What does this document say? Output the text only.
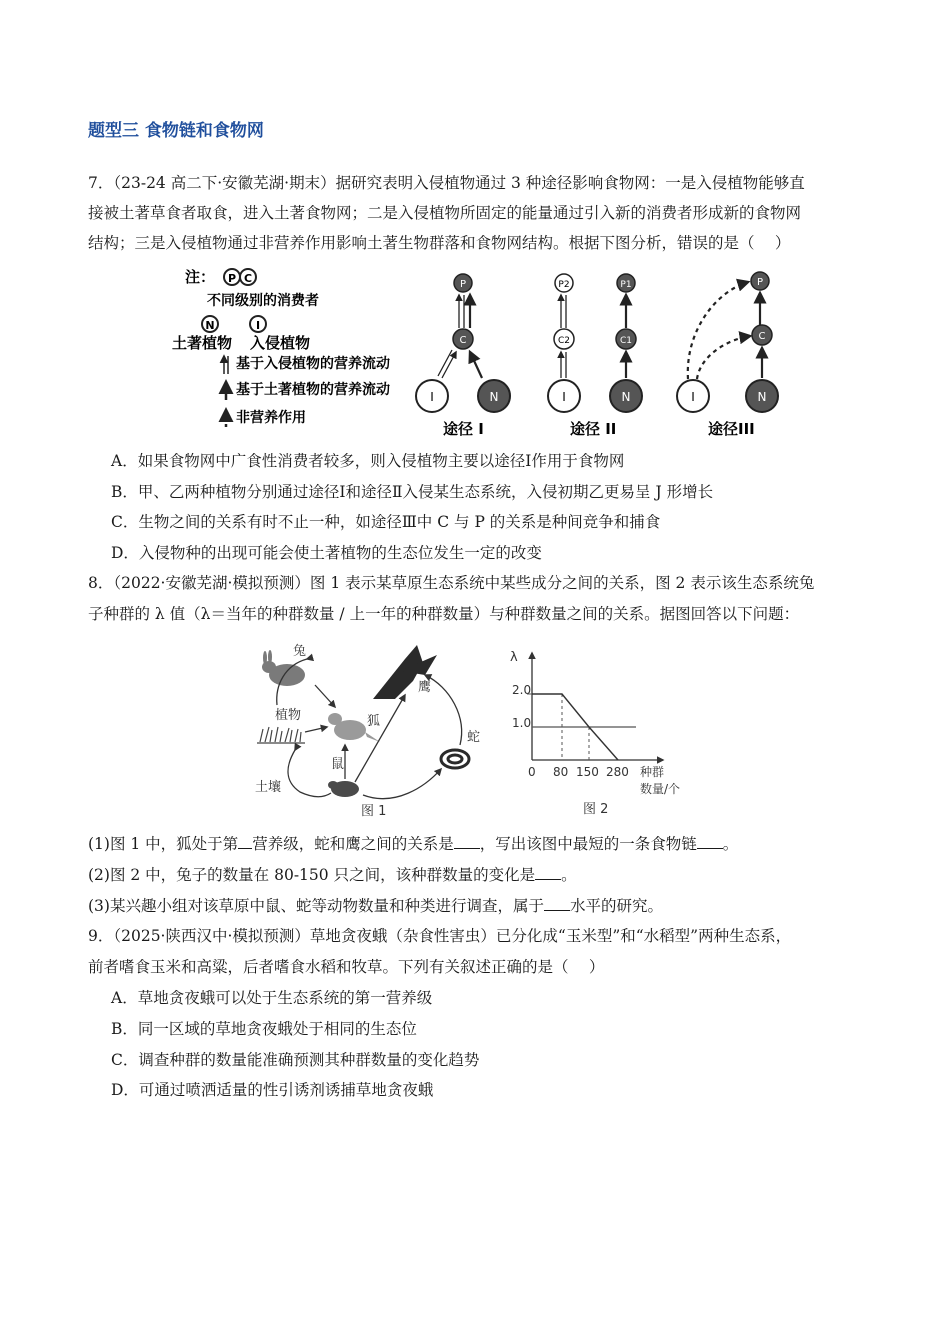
题型三 食物链和食物网
7．（23-24 高二下·安徽芜湖·期末）据研究表明入侵植物通过 3 种途径影响食物网：一是入侵植物能够直
接被土著草食者取食，进入土著食物网；二是入侵植物所固定的能量通过引入新的消费者形成新的食物网
结构；三是入侵植物通过非营养作用影响土著生物群落和食物网结构。根据下图分析，错误的是（　 ）
注： P C
不同级别的消费者
N	I
土著植物 入侵植物
基于入侵植物的营养流动
基于土著植物的营养流动
非营养作用
P
C
I	N
途径 I
P2
C2
I
P1
C1
N
途径 II
P
C
I	N
途径III
A．如果食物网中广食性消费者较多，则入侵植物主要以途径Ⅰ作用于食物网
B．甲、乙两种植物分别通过途径Ⅰ和途径Ⅱ入侵某生态系统，入侵初期乙更易呈 J 形增长
C．生物之间的关系有时不止一种，如途径Ⅲ中 C 与 P 的关系是种间竞争和捕食
D．入侵物种的出现可能会使土著植物的生态位发生一定的改变
8．（2022·安徽芜湖·模拟预测）图 1 表示某草原生态系统中某些成分之间的关系，图 2 表示该生态系统兔
子种群的 λ 值（λ＝当年的种群数量 / 上一年的种群数量）与种群数量之间的关系。据图回答以下问题：
兔
鹰
植物	狐
蛇
鼠
土壤
图 1
λ
种群
数量/个
2.0
1.0
0 80 150 280
图 2
(1)图 1 中，狐处于第 营养级，蛇和鹰之间的关系是 ，写出该图中最短的一条食物链 。
(2)图 2 中，兔子的数量在 80-150 只之间，该种群数量的变化是 。
(3)某兴趣小组对该草原中鼠、蛇等动物数量和种类进行调查，属于 水平的研究。
9．（2025·陕西汉中·模拟预测）草地贪夜蛾（杂食性害虫）已分化成“玉米型”和“水稻型”两种生态系，
前者嗜食玉米和高粱，后者嗜食水稻和牧草。下列有关叙述正确的是（　 ）
A．草地贪夜蛾可以处于生态系统的第一营养级
B．同一区域的草地贪夜蛾处于相同的生态位
C．调查种群的数量能准确预测其种群数量的变化趋势
D．可通过喷洒适量的性引诱剂诱捕草地贪夜蛾
